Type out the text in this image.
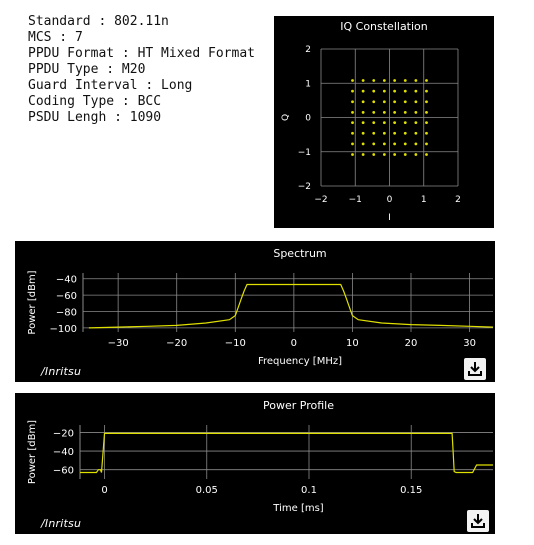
Standard : 802.11n
MCS : 7
PPDU Format : HT Mixed Format
PPDU Type : M20
Guard Interval : Long
Coding Type : BCC
PSDU Lengh : 1090
IQ Constellation
−2 −1	0	1	2
2
1
0
−1
−2
I
Q
Spectrum
−30	−20	−10	0	10	20	30
−40
−60
−80
−100
Frequency [MHz]
Power [dBm]
/Inritsu
Power Profile
0	0.05	0.1	0.15
−20
−40
−60
Time [ms]
Power [dBm]
/Inritsu
